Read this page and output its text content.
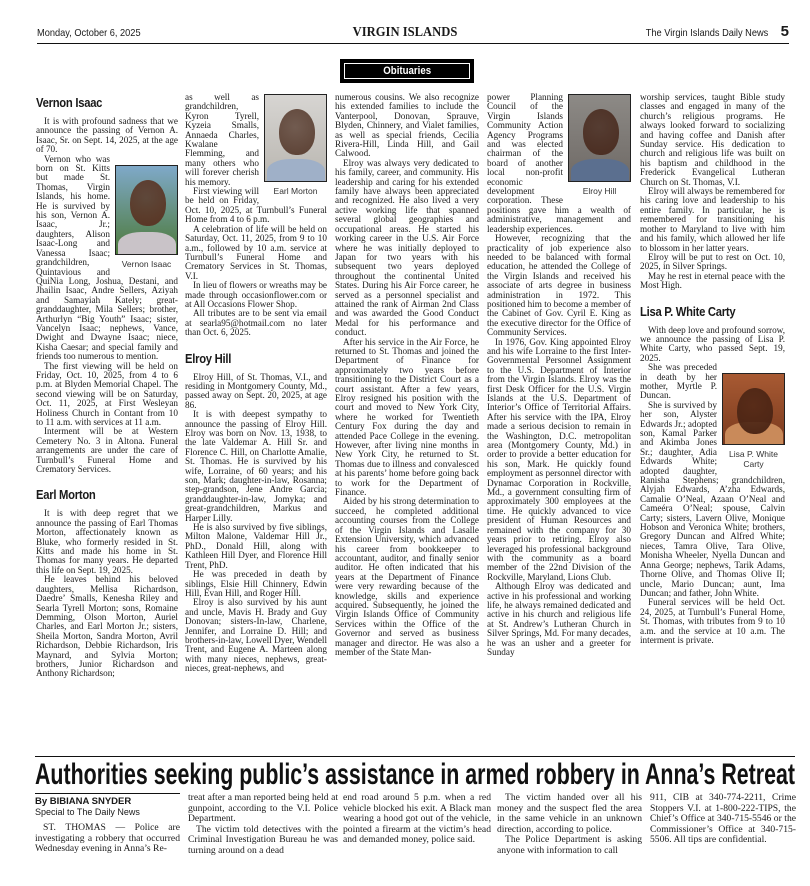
Monday, October 6, 2025	VIRGIN ISLANDS	The Virgin Islands Daily News 5
Obituaries
Vernon Isaac

It is with profound sadness that we announce the passing of Vernon A. Isaac, Sr. on Sept. 14, 2025, at the age of 70.

Vernon Isaac

Vernon who was born on St. Kitts but made St. Thomas, Virgin Islands, his home. He is survived by his son, Vernon A. Isaac, Jr.; daughters, Alison Isaac-Long and Vanessa Isaac; grandchildren, Quintavious and QuiNia Long, Joshua, Destani, and Jhailin Isaac, Andre Sellers, Aziyah and Samayiah Kately; great- granddaughter, Mila Sellers; brother, Arthurlyn “Big Youth” Isaac; sister, Vancelyn Isaac; nephews, Vance, Dwight and Dwayne Isaac; niece, Kisha Caesar; and special family and friends too numerous to mention.

The first viewing will be held on Friday, Oct. 10, 2025, from 4 to 6 p.m. at Blyden Memorial Chapel. The second viewing will be on Saturday, Oct. 11, 2025, at First Wesleyan Holiness Church in Contant from 10 to 11 a.m. with services at 11 a.m.

Interment will be at Western Cemetery No. 3 in Altona. Funeral arrangements are under the care of Turnbull’s Funeral Home and Crematory Services.

Earl Morton

It is with deep regret that we announce the passing of Earl Thomas Morton, affectionately known as Bluke, who formerly resided in St. Kitts and made his home in St. Thomas for many years. He departed this life on Sept. 19, 2025.

He leaves behind his beloved daughters, Mellisa Richardson, Daedre’ Smalls, Kenesha Riley and Searla Tyrell Morton; sons, Romaine Demming, Olson Morton, Auriel Charles, and Earl Morton Jr.; sisters, Sheila Morton, Sandra Morton, Avril Richardson, Debbie Richardson, Iris Maynard, and Sylvia Morton; brothers, Junior Richardson and Anthony Richardson;

Earl Morton

as well as grandchildren, Kyron Tyrell, Kyzeia Smalls, Annaeda Charles, Kwalane Flemming, and many others who will forever cherish his memory.

First viewing will be held on Friday, Oct. 10, 2025, at Turnbull’s Funeral Home from 4 to 6 p.m.

A celebration of life will be held on Saturday, Oct. 11, 2025, from 9 to 10 a.m., followed by 10 a.m. service at Turnbull’s Funeral Home and Crematory Services in St. Thomas, V.I.

In lieu of flowers or wreaths may be made through occasionflower.com or at All Occasions Flower Shop.

All tributes are to be sent via email at searla95@hotmail.com no later than Oct. 6, 2025.

Elroy Hill

Elroy Hill, of St. Thomas, V.I., and residing in Montgomery County, Md., passed away on Sept. 20, 2025, at age 86.

It is with deepest sympathy to announce the passing of Elroy Hill. Elroy was born on Nov. 13, 1938, to the late Valdemar A. Hill Sr. and Florence C. Hill, on Charlotte Amalie, St. Thomas. He is survived by his wife, Lorraine, of 60 years; and his son, Mark; daughter-in-law, Rosanna; step-grandson, Jene Andre Garcia; granddaughter-in-law, Jomyka; and great-grandchildren, Markus and Harper Lilly.

He is also survived by five siblings, Milton Malone, Valdemar Hill Jr., PhD., Donald Hill, along with Kathleen Hill Dyer, and Florence Hill Trent, PhD.

He was preceded in death by siblings, Elsie Hill Chinnery, Edwin Hill, Evan Hill, and Roger Hill.

Elroy is also survived by his aunt and uncle, Mavis H. Brady and Guy Donovan; sisters-In-law, Charlene, Jennifer, and Lorraine D. Hill; and brothers-in-law, Lowell Dyer, Wendell Trent, and Eugene A. Marteen along with many nieces, nephews, great-nieces, great-nephews, and

numerous cousins. We also recognize his extended families to include the Vanterpool, Donovan, Sprauve, Blyden, Chinnery, and Vialet families, as well as special friends, Cecilia Rivera-Hill, Linda Hill, and Gail Calwood.

Elroy was always very dedicated to his family, career, and community. His leadership and caring for his extended family have always been appreciated and recognized. He also lived a very active working life that spanned several global geographies and occupational areas. He started his working career in the U.S. Air Force where he was initially deployed to Japan for two years with his subsequent two years deployed throughout the continental United States. During his Air Force career, he served as a personnel specialist and attained the rank of Airman 2nd Class and was awarded the Good Conduct Medal for his performance and conduct.

After his service in the Air Force, he returned to St. Thomas and joined the Department of Finance for approximately two years before transitioning to the District Court as a court assistant. After a few years, Elroy resigned his position with the court and moved to New York City, where he worked for Twentieth Century Fox during the day and attended Pace College in the evening. However, after living nine months in New York City, he returned to St. Thomas due to illness and convalesced at his parents’ home before going back to work for the Department of Finance.

Aided by his strong determination to succeed, he completed additional accounting courses from the College of the Virgin Islands and Lasalle Extension University, which advanced his career from bookkeeper to accountant, auditor, and finally senior auditor. He often indicated that his years at the Department of Finance were very rewarding because of the knowledge, skills and experience acquired. Subsequently, he joined the Virgin Islands Office of Community Services within the Office of the Governor and served as business manager and director. He was also a member of the State Man-

Elroy Hill

power Planning Council of the Virgin Islands Community Action Agency Programs and was elected chairman of the board of another local non-profit economic development corporation. These positions gave him a wealth of administrative, management and leadership experiences.

However, recognizing that the practicality of job experience also needed to be balanced with formal education, he attended the College of the Virgin Islands and received his associate of arts degree in business administration in 1972. This positioned him to become a member of the Cabinet of Gov. Cyril E. King as the executive director for the Office of Community Services.

In 1976, Gov. King appointed Elroy and his wife Lorraine to the first Inter-Governmental Personnel Assignment to the U.S. Department of Interior from the Virgin Islands. Elroy was the first Desk Officer for the U.S. Virgin Islands at the U.S. Department of Interior’s Office of Territorial Affairs. After his service with the IPA, Elroy made a serious decision to remain in the Washington, D.C. metropolitan area (Montgomery County, Md.) in order to provide a better education for his son, Mark. He quickly found employment as personnel director with Dynamac Corporation in Rockville, Md., a government consulting firm of approximately 300 employees at the time. He quickly advanced to vice president of Human Resources and remained with the company for 30 years prior to retiring. Elroy also leveraged his professional background with the community as a board member of the 22nd Division of the Rockville, Maryland, Lions Club.

Although Elroy was dedicated and active in his professional and working life, he always remained dedicated and active in his church and religious life at St. Andrew’s Lutheran Church in Silver Springs, Md. For many decades, he was an usher and a greeter for Sunday

worship services, taught Bible study classes and engaged in many of the church’s religious programs. He always looked forward to socializing and having coffee and Danish after Sunday service. His dedication to church and religious life was built on his baptism and childhood in the Frederick Evangelical Lutheran Church on St. Thomas, V.I.

Elroy will always be remembered for his caring love and leadership to his entire family. In particular, he is remembered for transitioning his mother to Maryland to live with him and his family, which allowed her life to blossom in her latter years.

Elroy will be put to rest on Oct. 10, 2025, in Silver Springs.

May he rest in eternal peace with the Most High.

Lisa P. White Carty

With deep love and profound sorrow, we announce the passing of Lisa P. White Carty, who passed Sept. 19, 2025.

Lisa P. White Carty

She was preceded in death by her mother, Myrtle P. Duncan.

She is survived by her son, Alyster Edwards Jr.; adopted son, Kamal Parker and Akimba Jones Sr.; daughter, Adia Edwards White; adopted daughter, Ranisha Stephens; grandchildren, Alyjah Edwards, A’zha Edwards, Camalie O’Neal, Azaan O’Neal and Cameéra O’Neal; spouse, Calvin Carty; sisters, Lavern Olive, Monique Hobson and Veronica White; brothers, Gregory Duncan and Alfred White; nieces, Tamra Olive, Tara Olive, Monisha Wheeler, Nyella Duncan and Anna George; nephews, Tarik Adams, Thorne Olive, and Thomas Olive II; uncle, Mario Duncan; aunt, Ima Duncan; and father, John White.

Funeral services will be held Oct. 24, 2025, at Turnbull’s Funeral Home, St. Thomas, with tributes from 9 to 10 a.m. and the service at 10 a.m. The interment is private.

Authorities seeking public’s assistance in armed robbery in Anna’s Retreat
By BIBIANA SNYDER
Special to The Daily News

ST. THOMAS — Police are investigating a robbery that occurred Wednesday evening in Anna’s Re-

treat after a man reported being held at gunpoint, according to the V.I. Police Department.

The victim told detectives with the Criminal Investigation Bureau he was turning around on a dead

end road around 5 p.m. when a red vehicle blocked his exit. A Black man wearing a hood got out of the vehicle, pointed a firearm at the victim’s head and demanded money, police said.

The victim handed over all his money and the suspect fled the area in the same vehicle in an unknown direction, according to police.

The Police Department is asking anyone with information to call

911, CIB at 340-774-2211, Crime Stoppers V.I. at 1-800-222-TIPS, the Chief’s Office at 340-715-5546 or the Commissioner’s Office at 340-715-5506. All tips are confidential.
